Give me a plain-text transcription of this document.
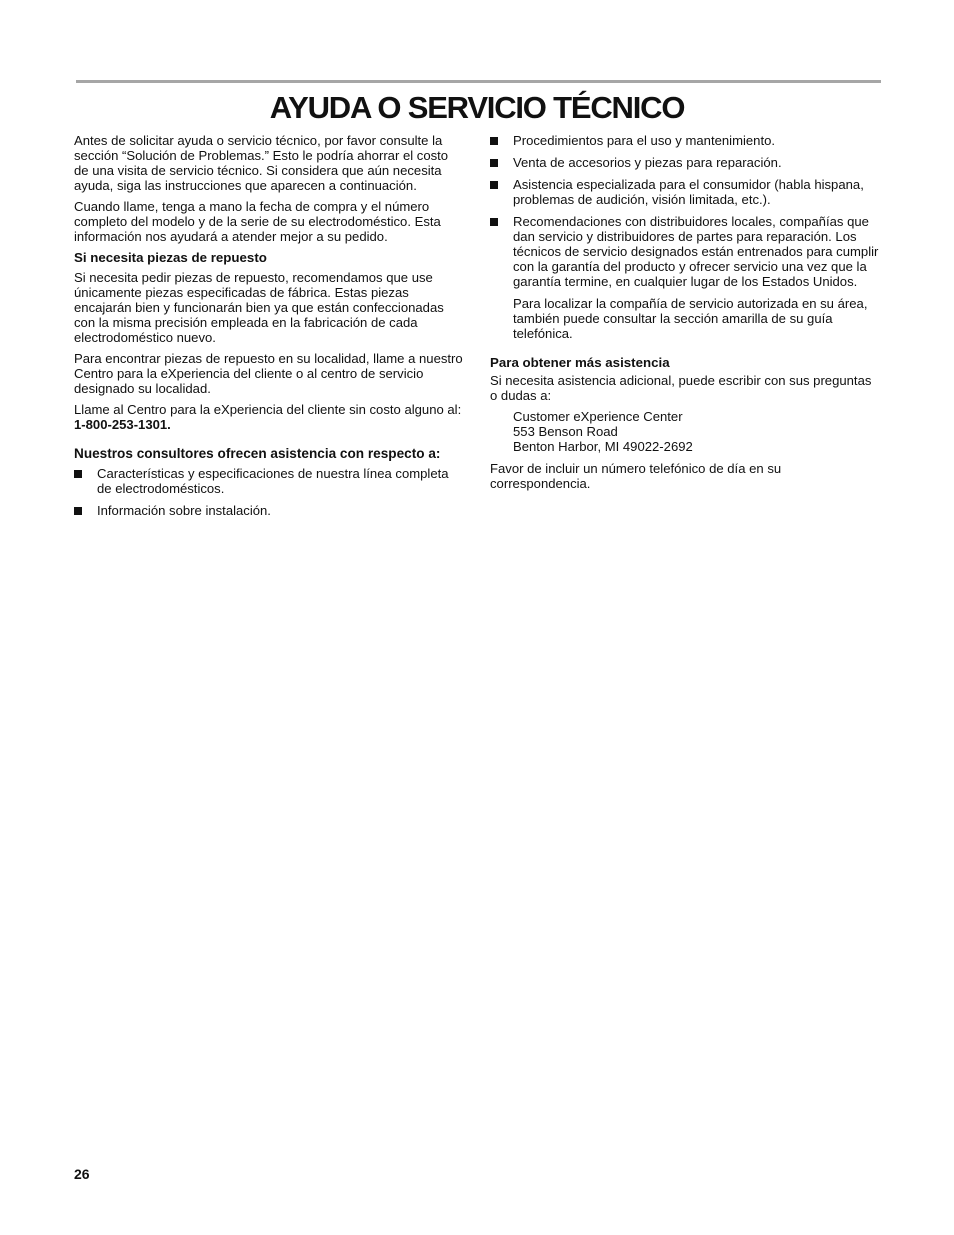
AYUDA O SERVICIO TÉCNICO

Antes de solicitar ayuda o servicio técnico, por favor consulte la sección “Solución de Problemas.” Esto le podría ahorrar el costo de una visita de servicio técnico. Si considera que aún necesita ayuda, siga las instrucciones que aparecen a continuación.

Cuando llame, tenga a mano la fecha de compra y el número completo del modelo y de la serie de su electrodoméstico. Esta información nos ayudará a atender mejor a su pedido.

Si necesita piezas de repuesto

Si necesita pedir piezas de repuesto, recomendamos que use únicamente piezas especificadas de fábrica. Estas piezas encajarán bien y funcionarán bien ya que están confeccionadas con la misma precisión empleada en la fabricación de cada electrodoméstico nuevo.

Para encontrar piezas de repuesto en su localidad, llame a nuestro Centro para la eXperiencia del cliente o al centro de servicio designado su localidad.

Llame al Centro para la eXperiencia del cliente sin costo alguno al: 1-800-253-1301.

Nuestros consultores ofrecen asistencia con respecto a:
Características y especificaciones de nuestra línea completa de electrodomésticos.
Información sobre instalación.
Procedimientos para el uso y mantenimiento.
Venta de accesorios y piezas para reparación.
Asistencia especializada para el consumidor (habla hispana, problemas de audición, visión limitada, etc.).
Recomendaciones con distribuidores locales, compañías que dan servicio y distribuidores de partes para reparación. Los técnicos de servicio designados están entrenados para cumplir con la garantía del producto y ofrecer servicio una vez que la garantía termine, en cualquier lugar de los Estados Unidos.

Para localizar la compañía de servicio autorizada en su área, también puede consultar la sección amarilla de su guía telefónica.

Para obtener más asistencia

Si necesita asistencia adicional, puede escribir con sus preguntas o dudas a:

Customer eXperience Center
553 Benson Road
Benton Harbor, MI 49022-2692

Favor de incluir un número telefónico de día en su correspondencia.

26
